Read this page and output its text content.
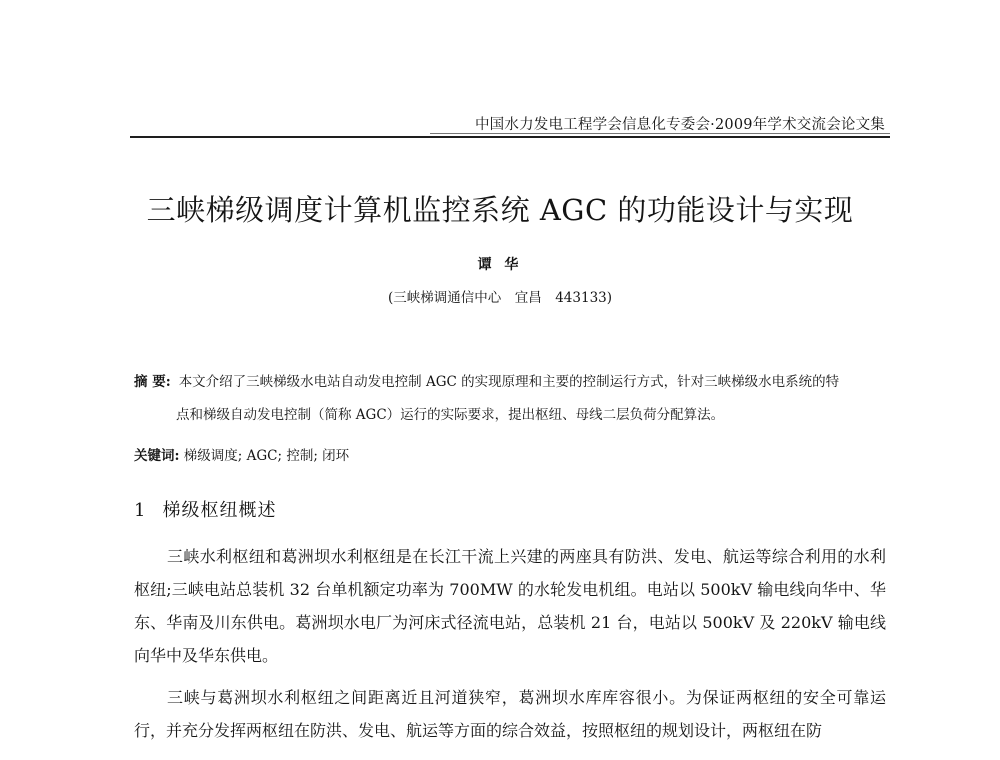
中国水力发电工程学会信息化专委会·2009年学术交流会论文集
三峡梯级调度计算机监控系统 AGC 的功能设计与实现
谭 华
(三峡梯调通信中心　宜昌　443133)
摘 要: 本文介绍了三峡梯级水电站自动发电控制 AGC 的实现原理和主要的控制运行方式，针对三峡梯级水电系统的特
点和梯级自动发电控制（简称 AGC）运行的实际要求，提出枢纽、母线二层负荷分配算法。
关键词: 梯级调度; AGC; 控制; 闭环
1 梯级枢纽概述
三峡水利枢纽和葛洲坝水利枢纽是在长江干流上兴建的两座具有防洪、发电、航运等综合利用的水利枢纽;三峡电站总装机 32 台单机额定功率为 700MW 的水轮发电机组。电站以 500kV 输电线向华中、华东、华南及川东供电。葛洲坝水电厂为河床式径流电站，总装机 21 台，电站以 500kV 及 220kV 输电线向华中及华东供电。
三峡与葛洲坝水利枢纽之间距离近且河道狭窄，葛洲坝水库库容很小。为保证两枢纽的安全可靠运行，并充分发挥两枢纽在防洪、发电、航运等方面的综合效益，按照枢纽的规划设计，两枢纽在防
